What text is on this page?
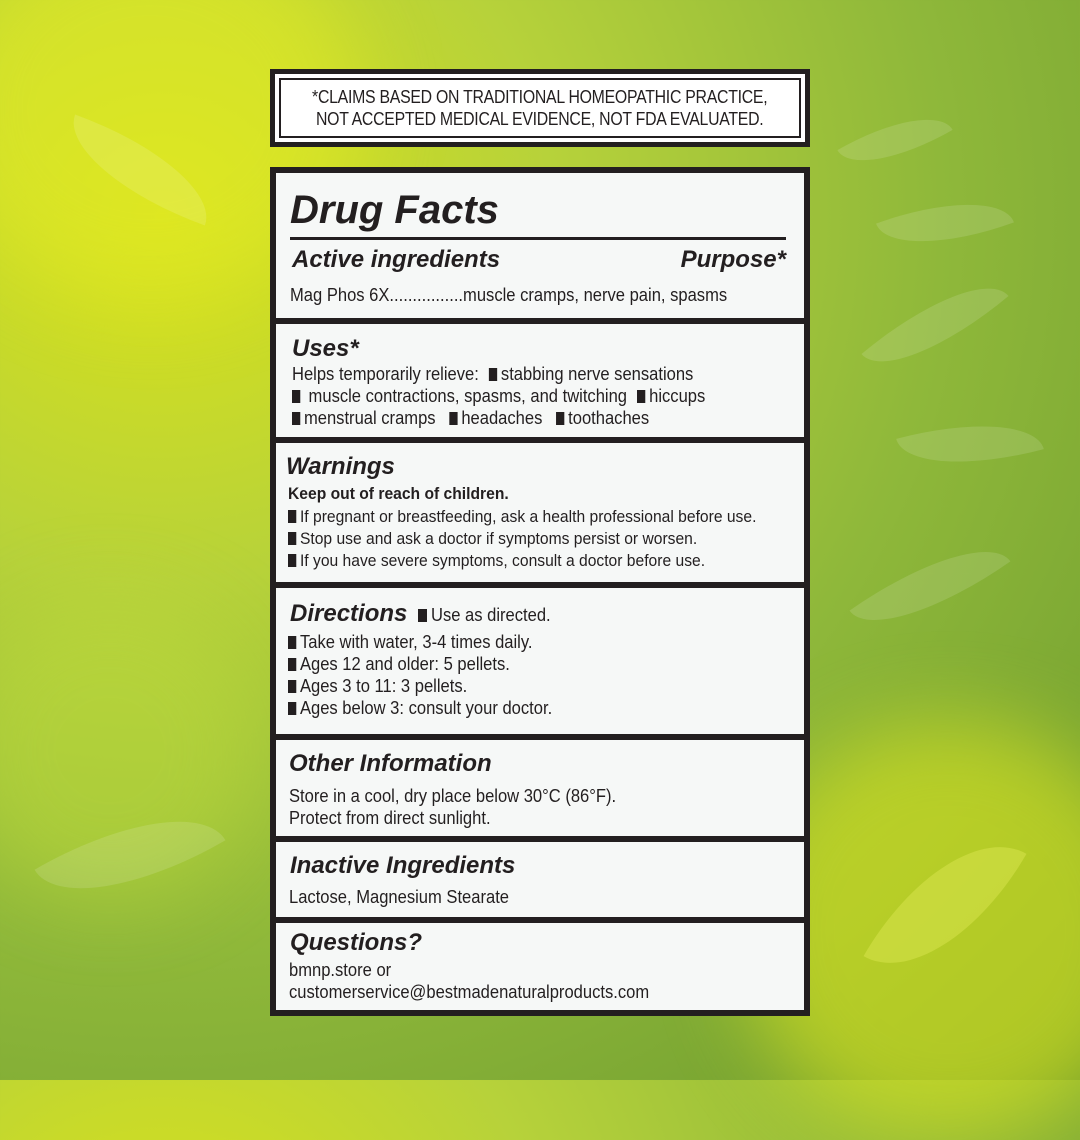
*CLAIMS BASED ON TRADITIONAL HOMEOPATHIC PRACTICE,
NOT ACCEPTED MEDICAL EVIDENCE, NOT FDA EVALUATED.
Drug Facts
Active ingredients	Purpose*
Mag Phos 6X................muscle cramps, nerve pain, spasms
Uses*
Helps temporarily relieve: stabbing nerve sensations
muscle contractions, spasms, and twitching hiccups
menstrual cramps headaches toothaches
Warnings
Keep out of reach of children.
If pregnant or breastfeeding, ask a health professional before use.
Stop use and ask a doctor if symptoms persist or worsen.
If you have severe symptoms, consult a doctor before use.
Directions Use as directed.
Take with water, 3-4 times daily.
Ages 12 and older: 5 pellets.
Ages 3 to 11: 3 pellets.
Ages below 3: consult your doctor.
Other Information
Store in a cool, dry place below 30°C (86°F).
Protect from direct sunlight.
Inactive Ingredients
Lactose, Magnesium Stearate
Questions?
bmnp.store or
customerservice@bestmadenaturalproducts.com
